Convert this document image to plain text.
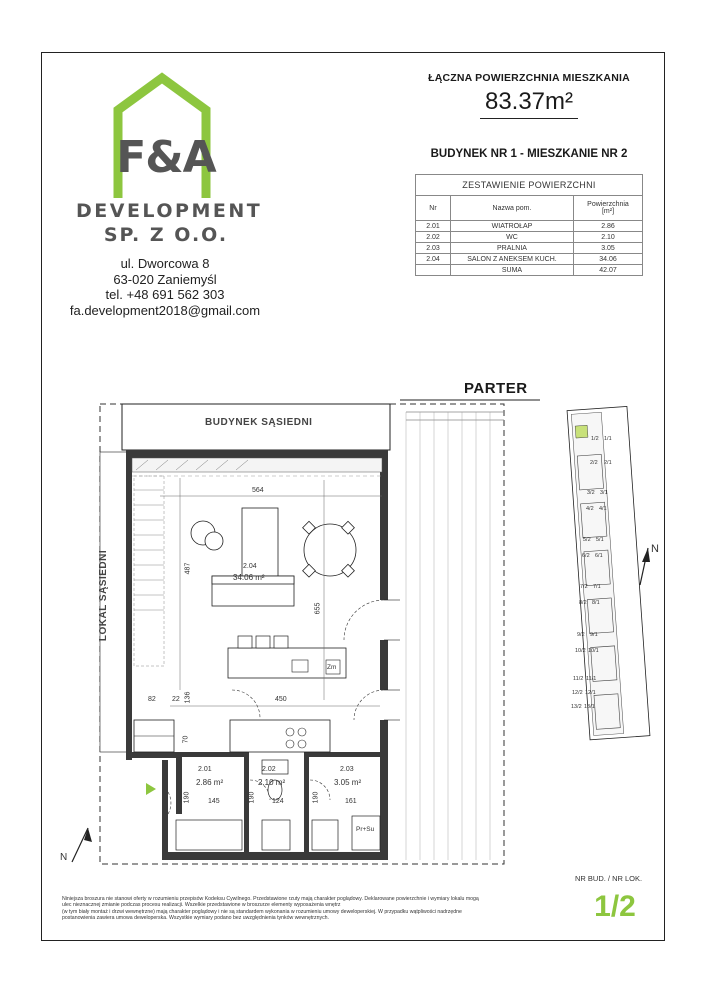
F&A
DEVELOPMENT
SP. Z O.O.
ul. Dworcowa 8
63-020 Zaniemyśl
tel. +48 691 562 303
fa.development2018@gmail.com
ŁĄCZNA POWIERZCHNIA MIESZKANIA
83.37m²
BUDYNEK NR 1 - MIESZKANIE NR 2
ZESTAWIENIE POWIERZCHNI		
Nr	Nazwa pom.	Powierzchnia
[m²]
2.01	WIATROŁAP	2.86
2.02	WC	2.10
2.03	PRALNIA	3.05
2.04	SALON Z ANEKSEM KUCH.	34.06
	SUMA	42.07
PARTER
BUDYNEK SĄSIEDNI
LOKAL SĄSIEDNI	2.04
34.06 m²
2.01
2.86 m²
2.02
2.10 m²
2.03
3.05 m²
564
487
655
450
82 22 136
70
190	145	124	190	161
190
Pr+Su
Zm
N
1/2 1/1
2/1
2/2
3/2 3/1
4/2 4/1
5/2 5/1
6/2 6/1
7/2 7/1
8/2 8/1
9/2 9/1
10/2 10/1
11/2 11/1
12/2 12/1
13/2 13/1
N
Niniejsza broszura nie stanowi oferty w rozumieniu przepisów Kodeksu Cywilnego. Przedstawione rzuty mają charakter poglądowy. Deklarowane powierzchnie i wymiary lokalu mogą
ulec nieznacznej zmianie podczas procesu realizacji. Wszelkie przedstawione w broszurze elementy wyposażenia wnętrz
(w tym biały montaż i drzwi wewnętrzne) mają charakter poglądowy i nie są standardem wykonania w rozumieniu umowy deweloperskiej. W przypadku wątpliwości nadrzędne
postanowienia zawiera umowa deweloperska. Wszystkie wymiary podano bez uwzględnienia tynków wewnętrznych.
NR BUD. / NR LOK.
1/2
